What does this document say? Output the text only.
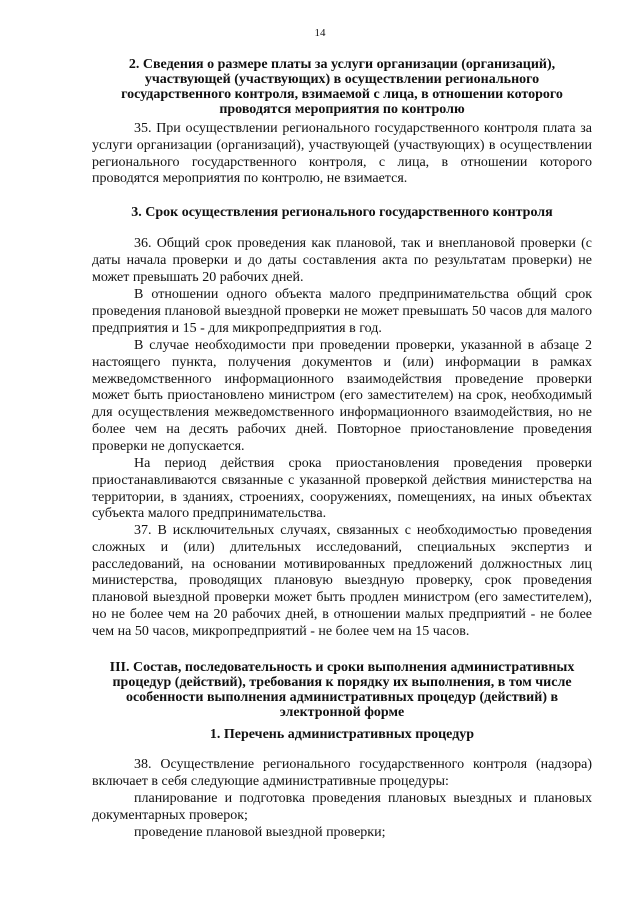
14
2. Сведения о размере платы за услуги организации (организаций), участвующей (участвующих) в осуществлении регионального государственного контроля, взимаемой с лица, в отношении которого проводятся мероприятия по контролю
35. При осуществлении регионального государственного контроля плата за услуги организации (организаций), участвующей (участвующих) в осуществлении регионального государственного контроля, с лица, в отношении которого проводятся мероприятия по контролю, не взимается.
3. Срок осуществления регионального государственного контроля
36. Общий срок проведения как плановой, так и внеплановой проверки (с даты начала проверки и до даты составления акта по результатам проверки) не может превышать 20 рабочих дней.
В отношении одного объекта малого предпринимательства общий срок проведения плановой выездной проверки не может превышать 50 часов для малого предприятия и 15 - для микропредприятия в год.
В случае необходимости при проведении проверки, указанной в абзаце 2 настоящего пункта, получения документов и (или) информации в рамках межведомственного информационного взаимодействия проведение проверки может быть приостановлено министром (его заместителем) на срок, необходимый для осуществления межведомственного информационного взаимодействия, но не более чем на десять рабочих дней. Повторное приостановление проведения проверки не допускается.
На период действия срока приостановления проведения проверки приостанавливаются связанные с указанной проверкой действия министерства на территории, в зданиях, строениях, сооружениях, помещениях, на иных объектах субъекта малого предпринимательства.
37. В исключительных случаях, связанных с необходимостью проведения сложных и (или) длительных исследований, специальных экспертиз и расследований, на основании мотивированных предложений должностных лиц министерства, проводящих плановую выездную проверку, срок проведения плановой выездной проверки может быть продлен министром (его заместителем), но не более чем на 20 рабочих дней, в отношении малых предприятий - не более чем на 50 часов, микропредприятий - не более чем на 15 часов.
III. Состав, последовательность и сроки выполнения административных процедур (действий), требования к порядку их выполнения, в том числе особенности выполнения административных процедур (действий) в электронной форме
1. Перечень административных процедур
38. Осуществление регионального государственного контроля (надзора) включает в себя следующие административные процедуры:
планирование и подготовка проведения плановых выездных и плановых документарных проверок;
проведение плановой выездной проверки;
